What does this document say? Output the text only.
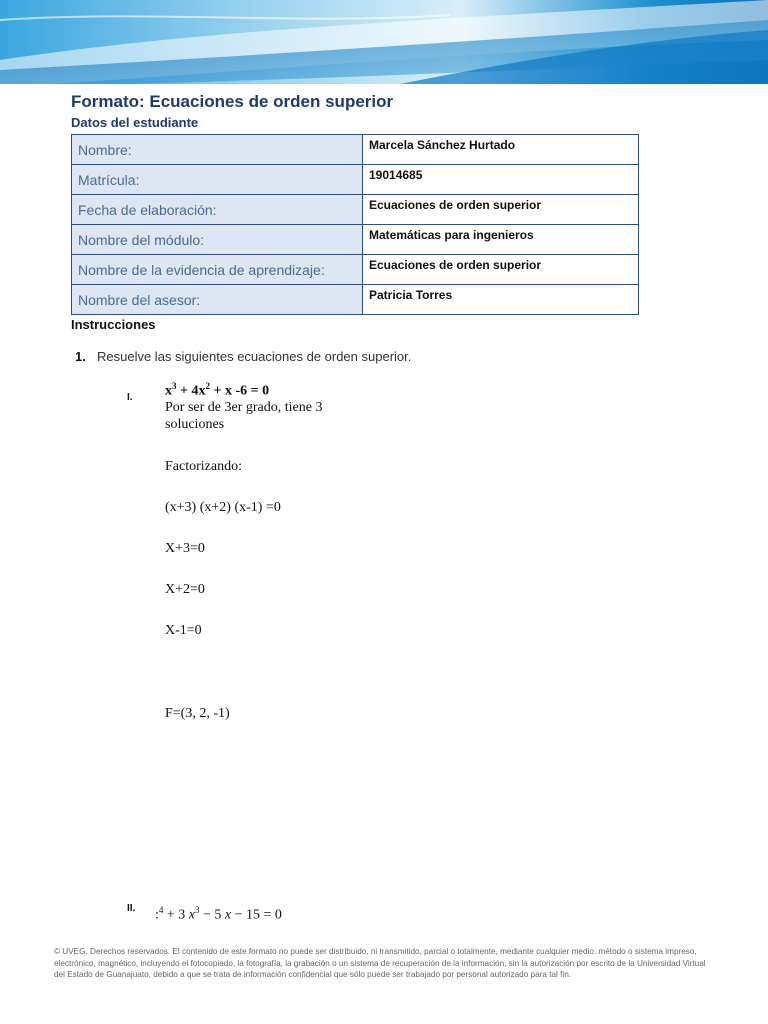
Formato: Ecuaciones de orden superior
Datos del estudiante
Nombre:	Marcela Sánchez Hurtado
Matrícula:	19014685
Fecha de elaboración:	Ecuaciones de orden superior
Nombre del módulo:	Matemáticas para ingenieros
Nombre de la evidencia de aprendizaje:	Ecuaciones de orden superior
Nombre del asesor:	Patricia Torres
Instrucciones
1. Resuelve las siguientes ecuaciones de orden superior.
I. $x^3 + 4x^2 + x$ -6 = 0
Por ser de 3er grado, tiene 3
soluciones
Factorizando:
(x+3) (x+2) (x-1) =0
X+3=0
X+2=0
X-1=0
F=(3, 2, -1)
II. :$^4$ + 3 $x^3 - 5$ x − 15 = 0
© UVEG. Derechos reservados. El contenido de este formato no puede ser distribuido, ni transmitido, parcial o totalmente, mediante cualquier medio, método o sistema impreso, electrónico, magnético, incluyendo el fotocopiado, la fotografía, la grabación o un sistema de recuperación de la información, sin la autorización por escrito de la Universidad Virtual del Estado de Guanajuato, debido a que se trata de información confidencial que sólo puede ser trabajado por personal autorizado para tal fin.
